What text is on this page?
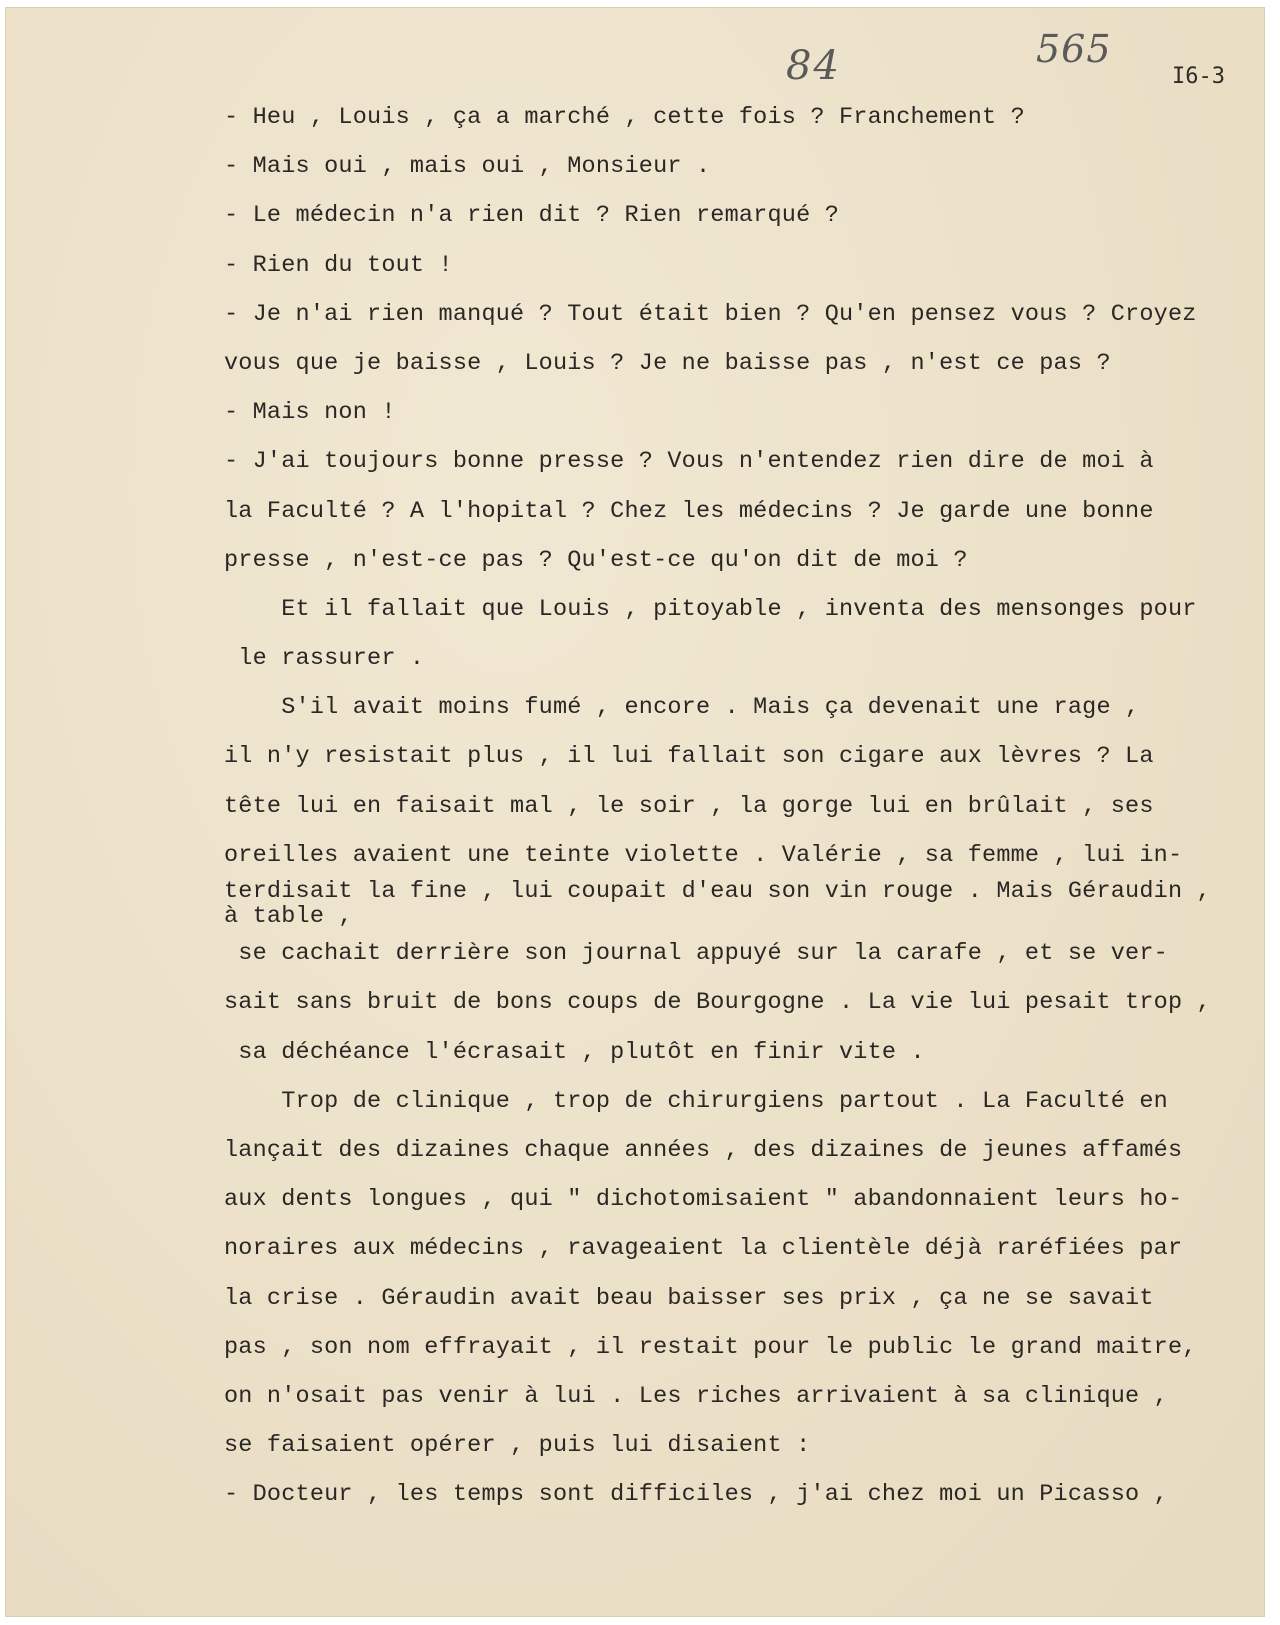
84	565
I6-3
- Heu , Louis , ça a marché , cette fois ? Franchement ?
- Mais oui , mais oui , Monsieur .
- Le médecin n'a rien dit ? Rien remarqué ?
- Rien du tout !
- Je n'ai rien manqué ? Tout était bien ? Qu'en pensez vous ? Croyez
vous que je baisse , Louis ? Je ne baisse pas , n'est ce pas ?
- Mais non !
- J'ai toujours bonne presse ? Vous n'entendez rien dire de moi à
la Faculté ? A l'hopital ? Chez les médecins ? Je garde une bonne
presse , n'est-ce pas ? Qu'est-ce qu'on dit de moi ?
Et il fallait que Louis , pitoyable , inventa des mensonges pour
le rassurer .
S'il avait moins fumé , encore . Mais ça devenait une rage ,
il n'y resistait plus , il lui fallait son cigare aux lèvres ? La
tête lui en faisait mal , le soir , la gorge lui en brûlait , ses
oreilles avaient une teinte violette . Valérie , sa femme , lui in-
terdisait la fine , lui coupait d'eau son vin rouge . Mais Géraudin ,
à table ,
se cachait derrière son journal appuyé sur la carafe , et se ver-
sait sans bruit de bons coups de Bourgogne . La vie lui pesait trop ,
sa déchéance l'écrasait , plutôt en finir vite .
Trop de clinique , trop de chirurgiens partout . La Faculté en
lançait des dizaines chaque années , des dizaines de jeunes affamés
aux dents longues , qui " dichotomisaient " abandonnaient leurs ho-
noraires aux médecins , ravageaient la clientèle déjà raréfiées par
la crise . Géraudin avait beau baisser ses prix , ça ne se savait
pas , son nom effrayait , il restait pour le public le grand maitre,
on n'osait pas venir à lui . Les riches arrivaient à sa clinique ,
se faisaient opérer , puis lui disaient :
- Docteur , les temps sont difficiles , j'ai chez moi un Picasso ,
